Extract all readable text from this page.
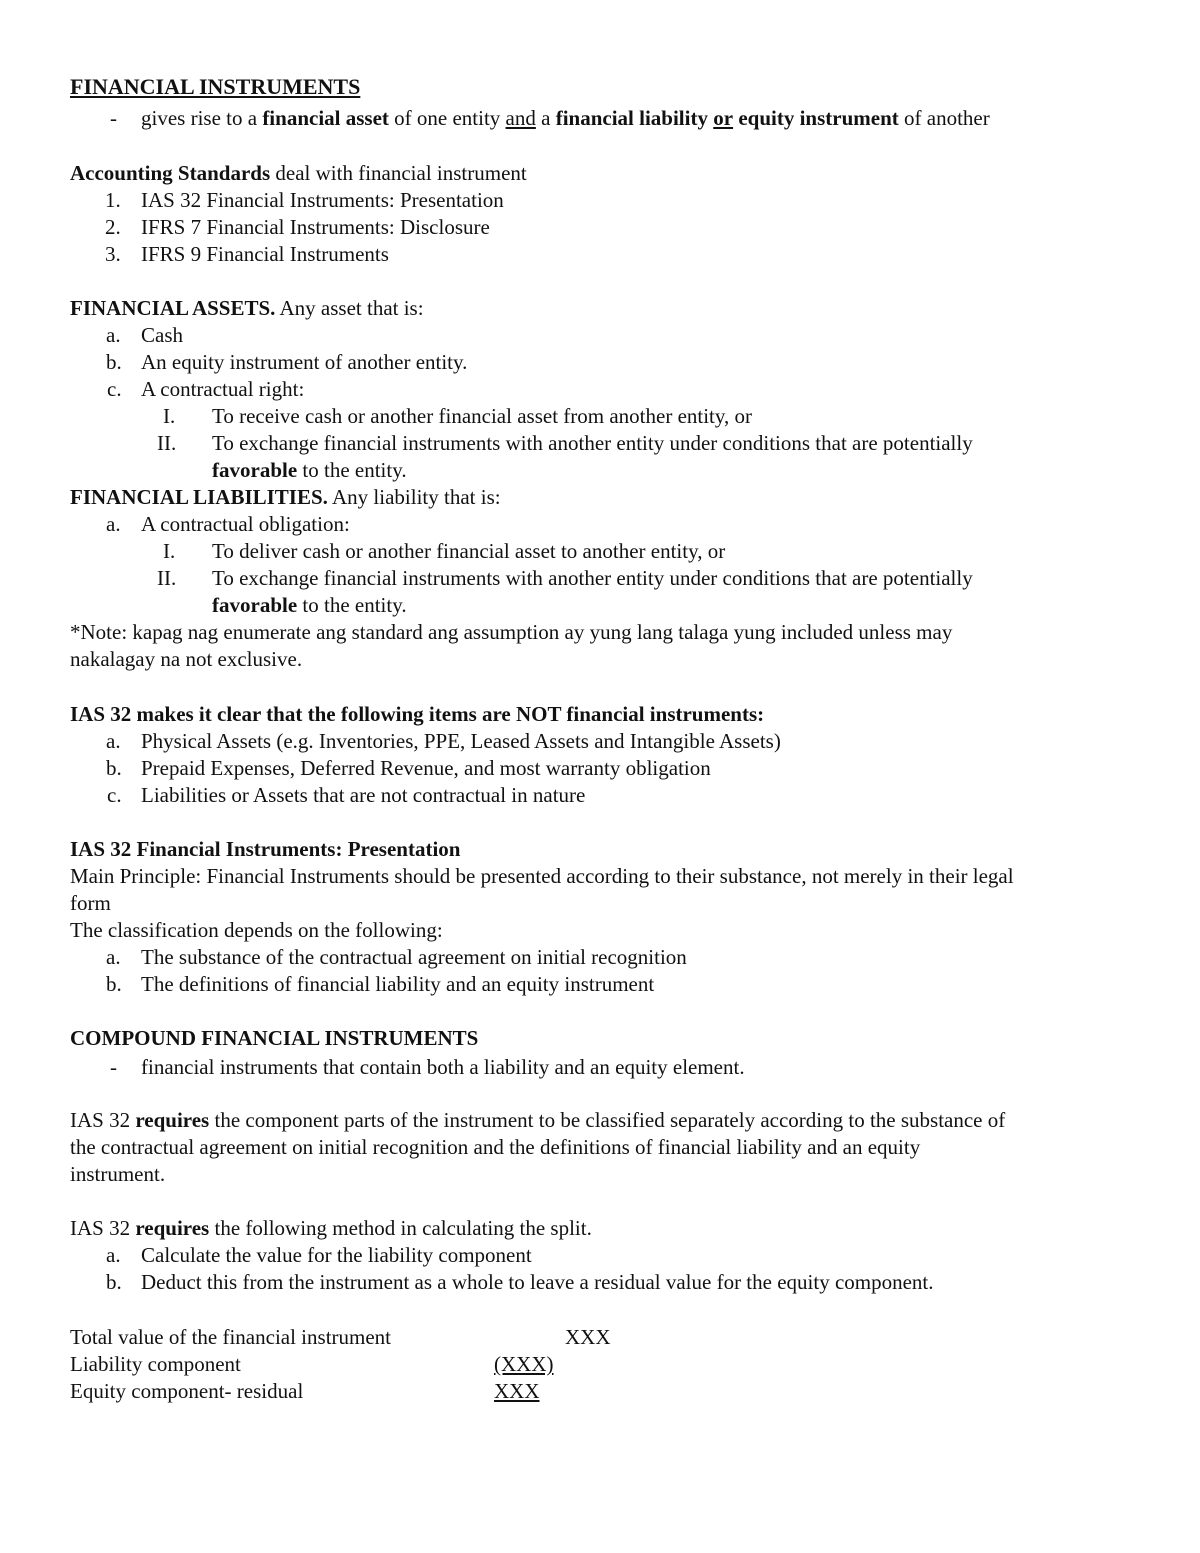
FINANCIAL INSTRUMENTS
- gives rise to a financial asset of one entity and a financial liability or equity instrument of another
Accounting Standards deal with financial instrument
1. IAS 32 Financial Instruments: Presentation
2. IFRS 7 Financial Instruments: Disclosure
3. IFRS 9 Financial Instruments
FINANCIAL ASSETS. Any asset that is:
a. Cash
b. An equity instrument of another entity.
c. A contractual right:
I. To receive cash or another financial asset from another entity, or
II. To exchange financial instruments with another entity under conditions that are potentially
favorable to the entity.
FINANCIAL LIABILITIES. Any liability that is:
a. A contractual obligation:
I. To deliver cash or another financial asset to another entity, or
II. To exchange financial instruments with another entity under conditions that are potentially
favorable to the entity.
*Note: kapag nag enumerate ang standard ang assumption ay yung lang talaga yung included unless may
nakalagay na not exclusive.
IAS 32 makes it clear that the following items are NOT financial instruments:
a. Physical Assets (e.g. Inventories, PPE, Leased Assets and Intangible Assets)
b. Prepaid Expenses, Deferred Revenue, and most warranty obligation
c. Liabilities or Assets that are not contractual in nature
IAS 32 Financial Instruments: Presentation
Main Principle: Financial Instruments should be presented according to their substance, not merely in their legal
form
The classification depends on the following:
a. The substance of the contractual agreement on initial recognition
b. The definitions of financial liability and an equity instrument
COMPOUND FINANCIAL INSTRUMENTS
- financial instruments that contain both a liability and an equity element.
IAS 32 requires the component parts of the instrument to be classified separately according to the substance of
the contractual agreement on initial recognition and the definitions of financial liability and an equity
instrument.
IAS 32 requires the following method in calculating the split.
a. Calculate the value for the liability component
b. Deduct this from the instrument as a whole to leave a residual value for the equity component.
Total value of the financial instrument	XXX
Liability component	(XXX)
Equity component- residual	XXX
